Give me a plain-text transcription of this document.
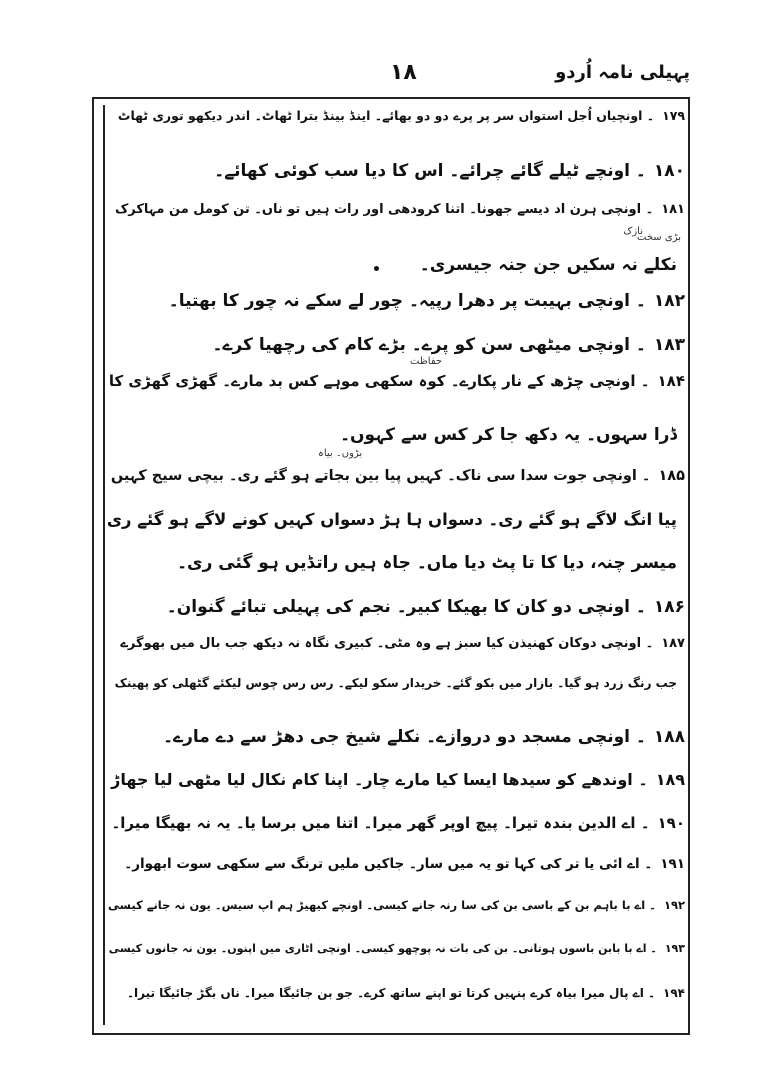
۱۸	پہیلی نامہ اُردو
۱۷۹۔ اونچیاں اُجل استواں سر پر پرے دو دو بھائے۔ اینڈ بینڈ بترا ٹھاٹ۔ اندر دیکھو توری ٹھاٹ
۱۸۰۔ اونچے ٹیلے گائے چرائے۔ اس کا دیا سب کوئی کھائے۔
۱۸۱۔ اونچی ہرن اد دیسے جھونا۔ اتنا کرودھی اور رات ہیں تو ناں۔ تن کومل من مہاکرک
نازک
بڑی سخت
نکلے نہ سکیں جن جنہ جیسری۔
۱۸۲۔ اونچی بہیبت پر دھرا رپیہ۔ چور لے سکے نہ چور کا بھتیا۔
۱۸۳۔ اونچی میٹھی سن کو پرے۔ بڑے کام کی رچھیا کرے۔
حفاظت
۱۸۴۔ اونچی چڑھ کے نار پکارے۔ کوہ سکھی موہے کس بد مارے۔ گھڑی گھڑی کا
ڈرا سہوں۔ یہ دکھ جا کر کس سے کہوں۔
بڑوں۔ بیاہ
۱۸۵۔ اونچی جوت سدا سی ناک۔ کہیں پیا بین بجاتے ہو گئے ری۔ بیچی سیج کہیں
پیا انگ لاگے ہو گئے ری۔ دسواں ہا ہڑ دسواں کہیں کونے لاگے ہو گئے ری
میسر چنہ، دیا کا تا پٹ دیا ماں۔ جاہ ہیں راتڈیں ہو گئی ری۔
۱۸۶۔ اونچی دو کان کا بھیکا کبیر۔ نجم کی پہیلی تبائے گنوان۔
۱۸۷۔ اونچی دوکان کھنیذن کیا سبز ہے وہ مٹی۔ کبیری نگاہ نہ دیکھ جب بال میں بھوگرے
جب رنگ زرد ہو گیا۔ بازار میں بکو گئے۔ خریدار سکو لیکے۔ رس رس چوس لیکئے گٹھلی کو پھینک
۱۸۸۔ اونچی مسجد دو دروازے۔ نکلے شیخ جی دھڑ سے دے مارے۔
۱۸۹۔ اوندھے کو سیدھا ایسا کیا مارے چار۔ اپنا کام نکال لیا مٹھی لیا جھاڑ
۱۹۰۔ اے الدین بندہ تیرا۔ پیچ اوپر گھر میرا۔ اتنا میں برسا یا۔ یہ نہ بھیگا میرا۔
۱۹۱۔ اے ائی یا تر کی کہا تو یہ میں سار۔ جاکیں ملیں ترنگ سے سکھی سوت ابھوار۔
۱۹۲۔ اے با باہم بن کے باسی بن کی سا رنہ جانے کیسی۔ اونچے کیھیڑ ہم اپ سیس۔ یون نہ جانے کیسی
۱۹۳۔ اے با بابن باسوں ہوتانی۔ بن کی بات نہ پوچھو کیسی۔ اونچی اٹاری میں اپنوں۔ یون نہ جانوں کیسی
۱۹۴۔ اے پال میرا بیاہ کرے پنہیں کرتا تو اپنے ساتھ کرے۔ جو بن جائیگا میرا۔ ناں بگڑ جائیگا تیرا۔
